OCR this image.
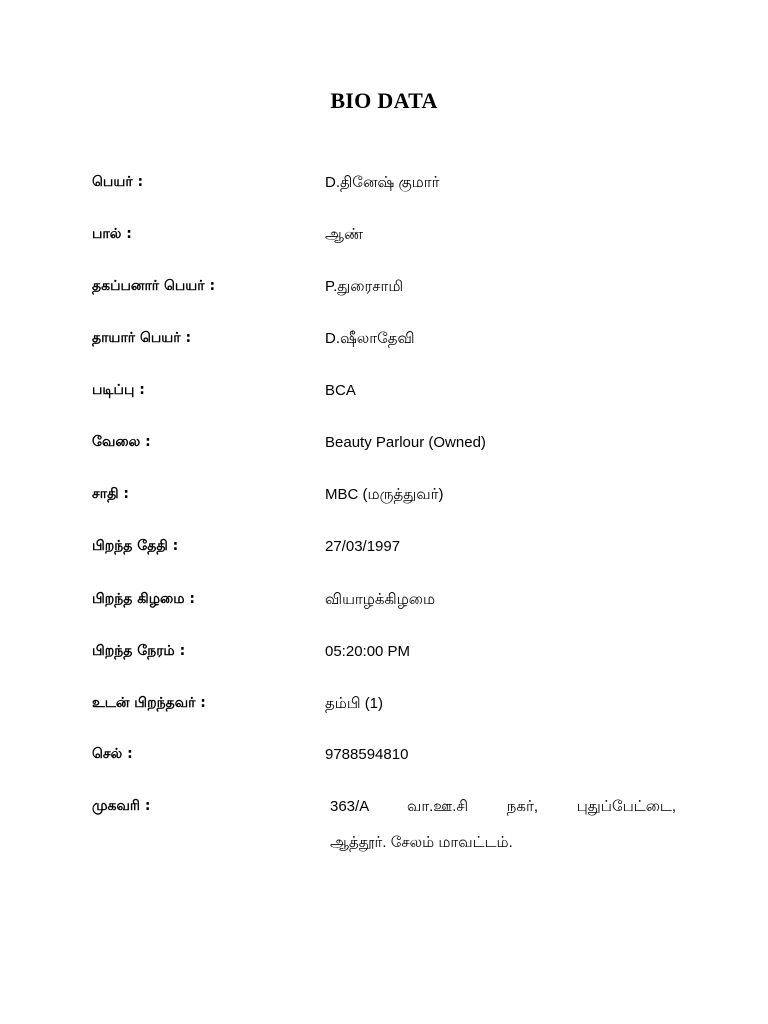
BIO DATA
பெயர் :	D.தினேஷ் குமார்
பால் :	ஆண்
தகப்பனார் பெயர் :	P.துரைசாமி
தாயார் பெயர் :	D.ஷீலாதேவி
படிப்பு :	BCA
வேலை :	Beauty Parlour (Owned)
சாதி :	MBC (மருத்துவர்)
பிறந்த தேதி :	27/03/1997
பிறந்த கிழமை :	வியாழக்கிழமை
பிறந்த நேரம் :	05:20:00 PM
உடன் பிறந்தவர் :	தம்பி (1)
செல் :	9788594810
முகவரி :	363/A வா.ஊ.சி நகர், புதுப்பேட்டை,
ஆத்தூர். சேலம் மாவட்டம்.
